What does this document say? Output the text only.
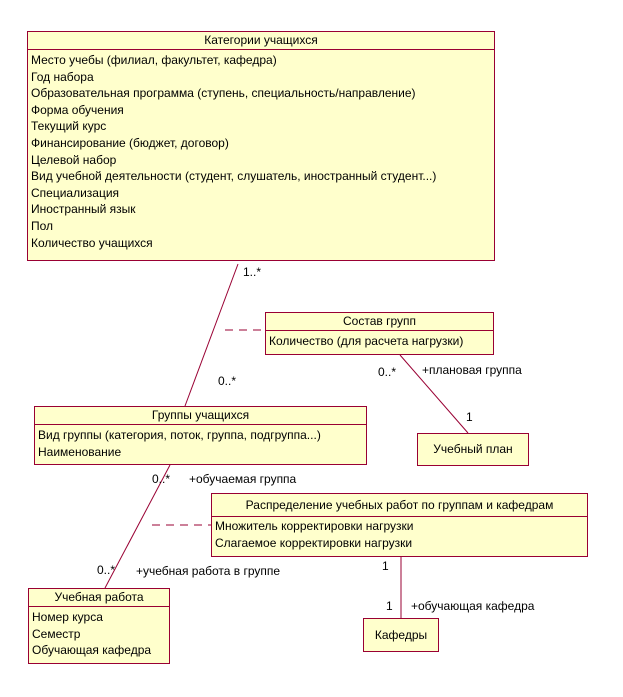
Категории учащихся
Место учебы (филиал, факультет, кафедра)
Год набора
Образовательная программа (ступень, специальность/направление)
Форма обучения
Текущий курс
Финансирование (бюджет, договор)
Целевой набор
Вид учебной деятельности (студент, слушатель, иностранный студент...)
Специализация
Иностранный язык
Пол
Количество учащихся
Состав групп
Количество (для расчета нагрузки)
Группы учащихся
Вид группы (категория, поток, группа, подгруппа...)
Наименование	Учебный план
Распределение учебных работ по группам и кафедрам
Множитель корректировки нагрузки
Слагаемое корректировки нагрузки
Учебная работа
Номер курса
Семестр
Обучающая кафедра
Кафедры
1..*
0..*
0..* +плановая группа
1
0..* +обучаемая группа
0..* +учебная работа в группе	1
1 +обучающая кафедра
